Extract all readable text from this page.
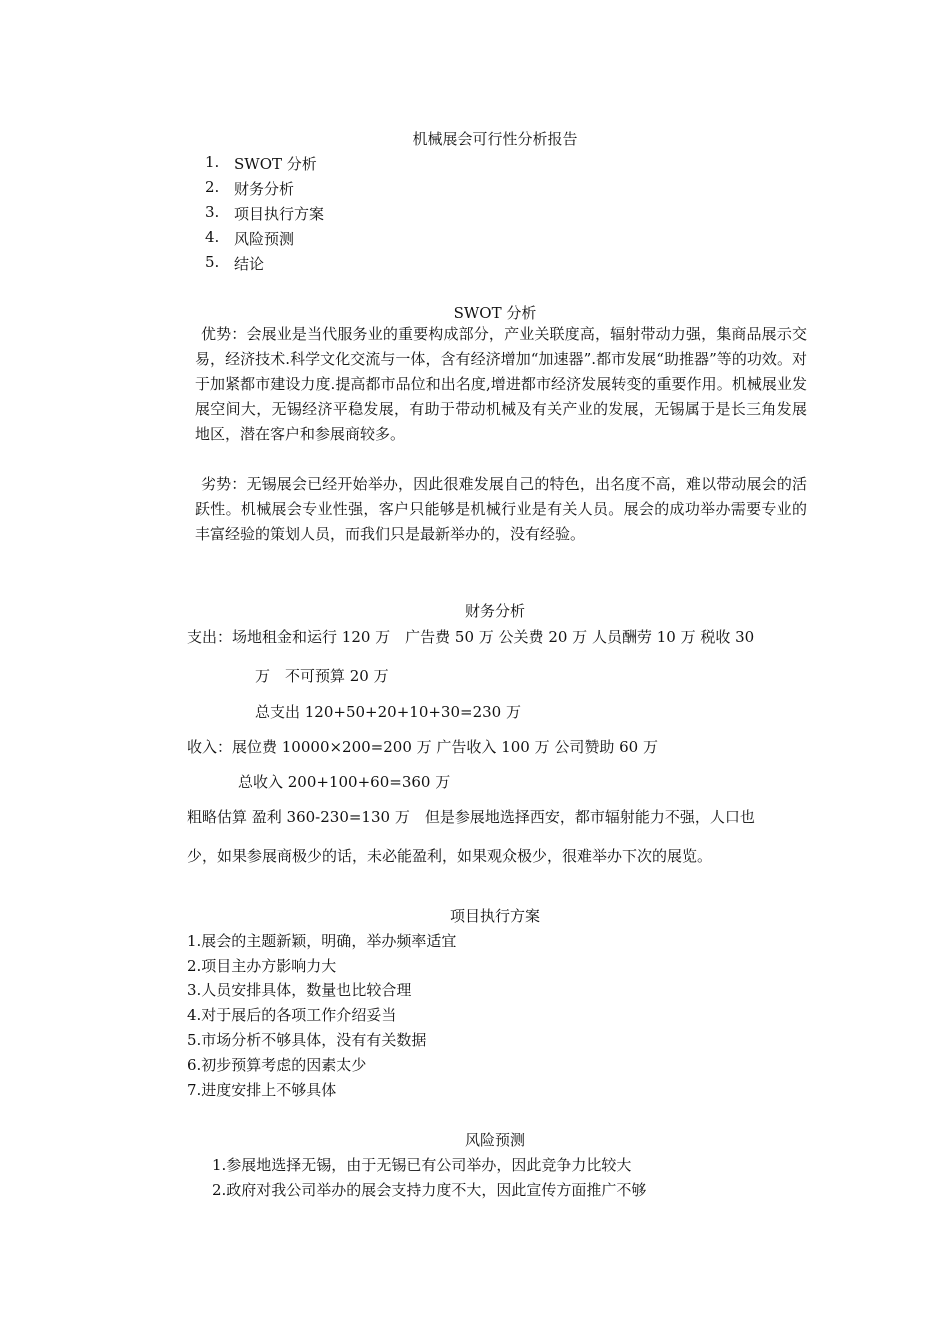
机械展会可行性分析报告
1. SWOT 分析
2. 财务分析
3. 项目执行方案
4. 风险预测
5. 结论
SWOT 分析
优势：会展业是当代服务业的重要构成部分，产业关联度高，辐射带动力强，集商品展示交易，经济技术.科学文化交流与一体，含有经济增加“加速器”.都市发展“助推器”等的功效。对于加紧都市建设力度.提高都市品位和出名度,增进都市经济发展转变的重要作用。机械展业发展空间大，无锡经济平稳发展，有助于带动机械及有关产业的发展，无锡属于是长三角发展地区，潜在客户和参展商较多。
劣势：无锡展会已经开始举办，因此很难发展自己的特色，出名度不高，难以带动展会的活跃性。机械展会专业性强，客户只能够是机械行业是有关人员。展会的成功举办需要专业的丰富经验的策划人员，而我们只是最新举办的，没有经验。
财务分析
支出：场地租金和运行 120 万　广告费 50 万 公关费 20 万 人员酬劳 10 万 税收 30
万　不可预算 20 万
总支出 120+50+20+10+30=230 万
收入：展位费 10000×200=200 万 广告收入 100 万 公司赞助 60 万
总收入 200+100+60=360 万
粗略估算 盈利 360-230=130 万　但是参展地选择西安，都市辐射能力不强，人口也
少，如果参展商极少的话，未必能盈利，如果观众极少，很难举办下次的展览。
项目执行方案
1.展会的主题新颖，明确，举办频率适宜
2.项目主办方影响力大
3.人员安排具体，数量也比较合理
4.对于展后的各项工作介绍妥当
5.市场分析不够具体，没有有关数据
6.初步预算考虑的因素太少
7.进度安排上不够具体
风险预测
1.参展地选择无锡，由于无锡已有公司举办，因此竞争力比较大
2.政府对我公司举办的展会支持力度不大，因此宣传方面推广不够
